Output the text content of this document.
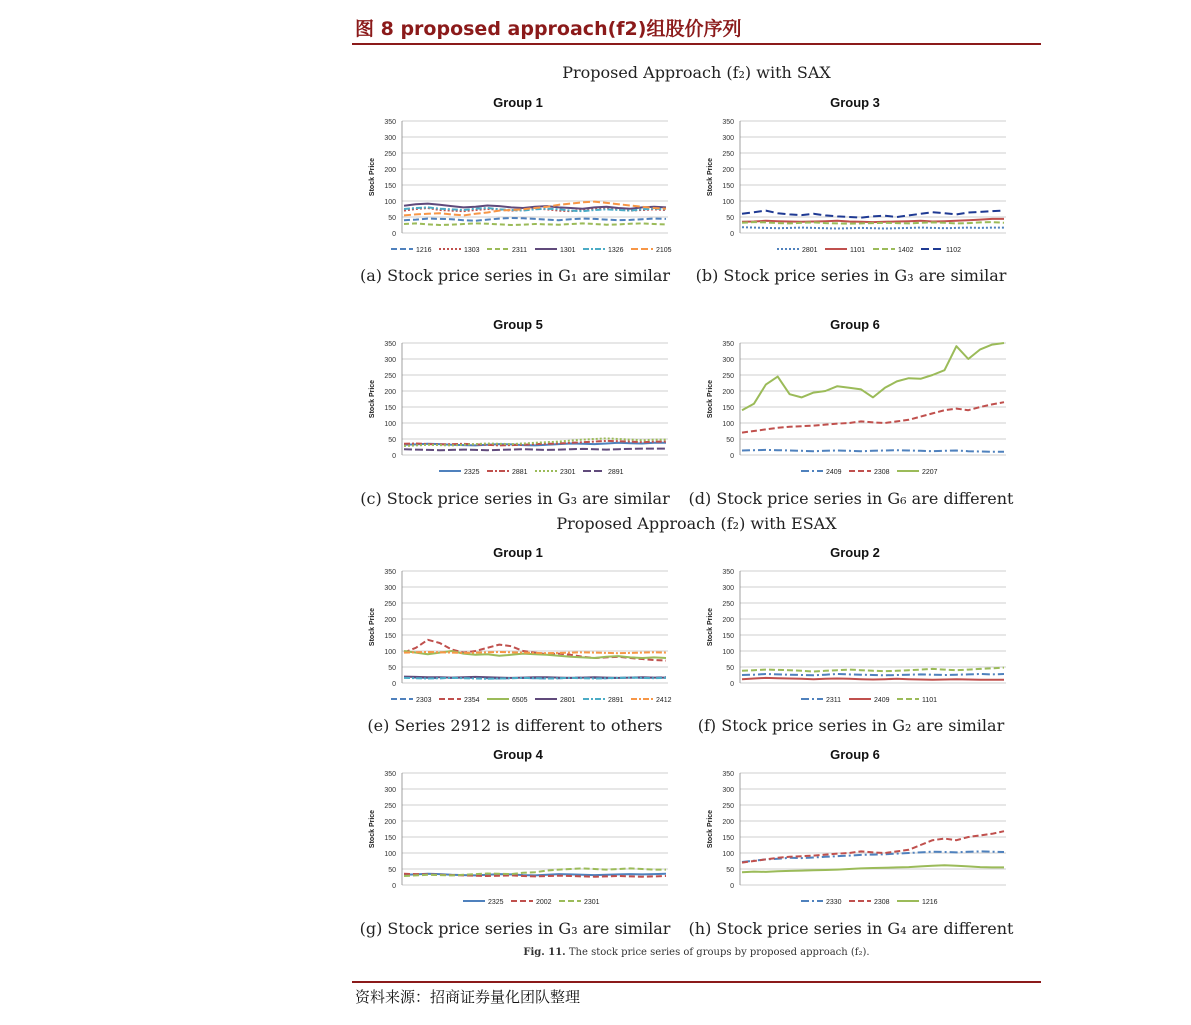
图 8 proposed approach(f2)组股价序列
Proposed Approach (f₂) with SAX
Proposed Approach (f₂) with ESAX
Group 1	Group 3
Group 5	Group 6
Group 1	Group 2
Group 4	Group 6
0
50
100
150
200
250
300
350
Stock Price
1216	1303	2311	1301	1326	2105
0
50
100
150
200
250
300
350
Stock Price
2801	1101	1402	1102
0
50
100
150
200
250
300
350
Stock Price
2325	2881	2301	2891
0
50
100
150
200
250
300
350
Stock Price
2409	2308	2207
0
50
100
150
200
250
300
350
Stock Price
2303	2354	6505	2801	2891	2412
0
50
100
150
200
250
300
350
Stock Price
2311	2409	1101
0
50
100
150
200
250
300
350
Stock Price
2325	2002	2301
0
50
100
150
200
250
300
350
Stock Price
2330	2308	1216
(a) Stock price series in G₁ are similar	(b) Stock price series in G₃ are similar
(c) Stock price series in G₃ are similar	(d) Stock price series in G₆ are different
(e) Series 2912 is different to others	(f) Stock price series in G₂ are similar
(g) Stock price series in G₃ are similar	(h) Stock price series in G₄ are different
Fig. 11. The stock price series of groups by proposed approach (f₂).
资料来源：招商证券量化团队整理
